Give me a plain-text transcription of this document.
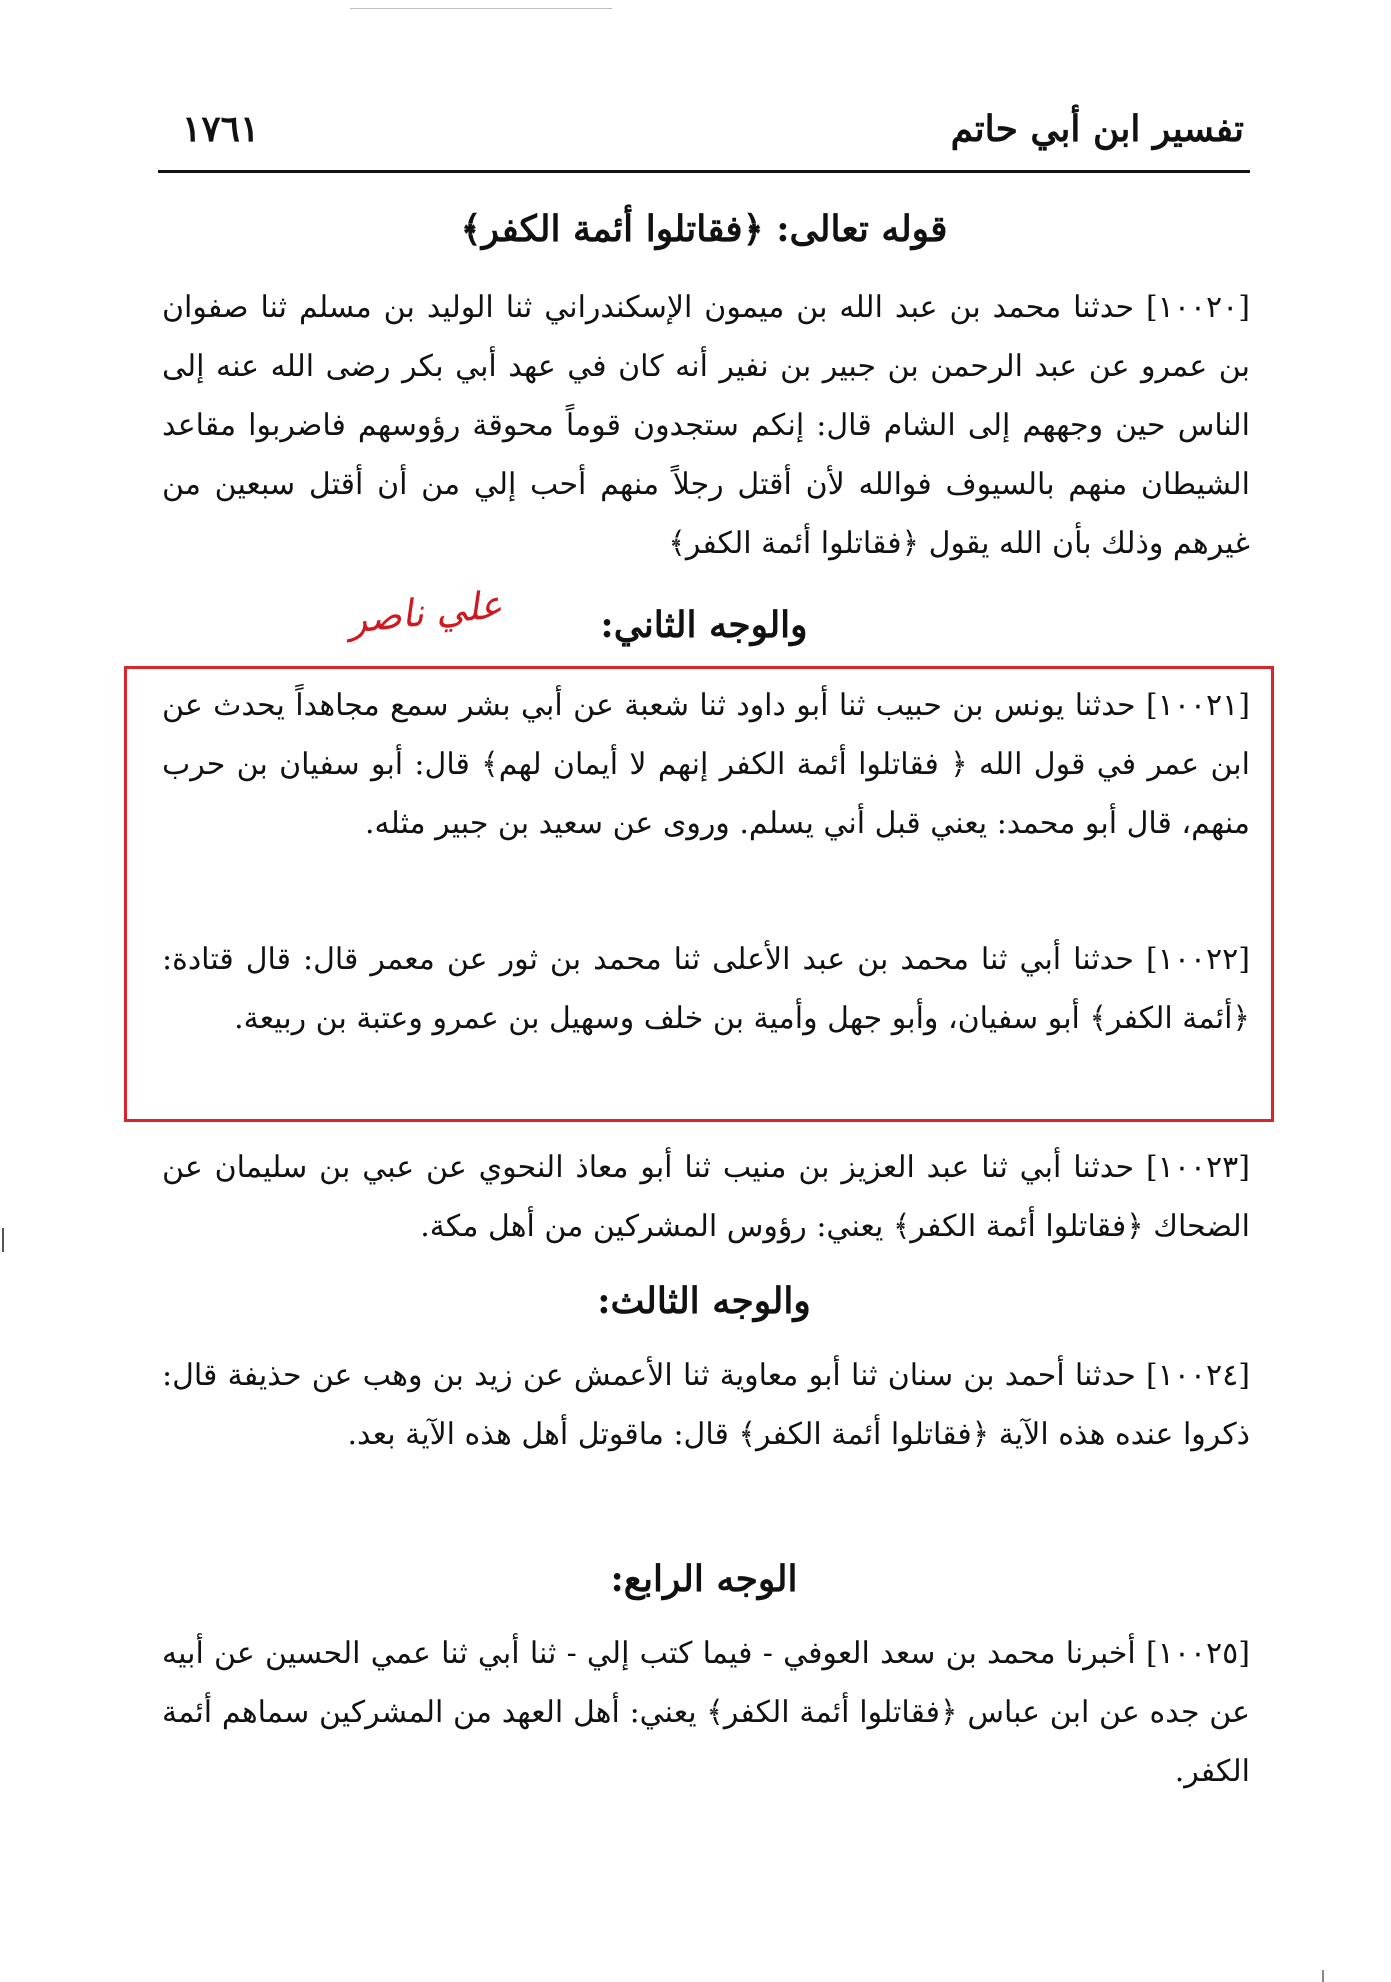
تفسير ابن أبي حاتم
١٧٦١
قوله تعالى: ﴿فقاتلوا أئمة الكفر﴾
[١٠٠٢٠] حدثنا محمد بن عبد الله بن ميمون الإسكندراني ثنا الوليد بن مسلم ثنا صفوان بن عمرو عن عبد الرحمن بن جبير بن نفير أنه كان في عهد أبي بكر رضى الله عنه إلى الناس حين وجههم إلى الشام قال: إنكم ستجدون قوماً محوقة رؤوسهم فاضربوا مقاعد الشيطان منهم بالسيوف فوالله لأن أقتل رجلاً منهم أحب إلي من أن أقتل سبعين من غيرهم وذلك بأن الله يقول ﴿فقاتلوا أئمة الكفر﴾
والوجه الثاني:
علي ناصر
[١٠٠٢١] حدثنا يونس بن حبيب ثنا أبو داود ثنا شعبة عن أبي بشر سمع مجاهداً يحدث عن ابن عمر في قول الله ﴿ فقاتلوا أئمة الكفر إنهم لا أيمان لهم﴾ قال: أبو سفيان بن حرب منهم، قال أبو محمد: يعني قبل أني يسلم. وروى عن سعيد بن جبير مثله.
[١٠٠٢٢] حدثنا أبي ثنا محمد بن عبد الأعلى ثنا محمد بن ثور عن معمر قال: قال قتادة: ﴿أئمة الكفر﴾ أبو سفيان، وأبو جهل وأمية بن خلف وسهيل بن عمرو وعتبة بن ربيعة.
[١٠٠٢٣] حدثنا أبي ثنا عبد العزيز بن منيب ثنا أبو معاذ النحوي عن عبي بن سليمان عن الضحاك ﴿فقاتلوا أئمة الكفر﴾ يعني: رؤوس المشركين من أهل مكة.
والوجه الثالث:
[١٠٠٢٤] حدثنا أحمد بن سنان ثنا أبو معاوية ثنا الأعمش عن زيد بن وهب عن حذيفة قال: ذكروا عنده هذه الآية ﴿فقاتلوا أئمة الكفر﴾ قال: ماقوتل أهل هذه الآية بعد.
الوجه الرابع:
[١٠٠٢٥] أخبرنا محمد بن سعد العوفي - فيما كتب إلي - ثنا أبي ثنا عمي الحسين عن أبيه عن جده عن ابن عباس ﴿فقاتلوا أئمة الكفر﴾ يعني: أهل العهد من المشركين سماهم أئمة الكفر.
